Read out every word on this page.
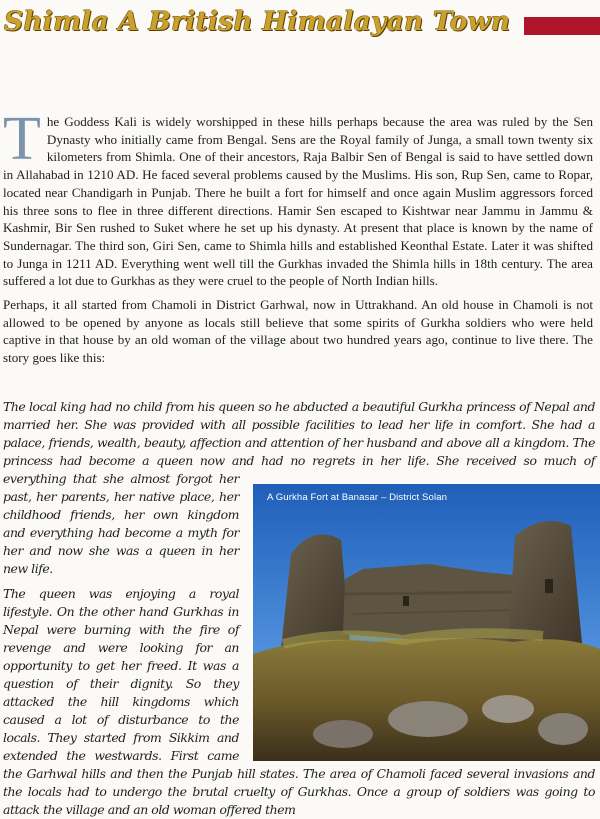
Shimla A British Himalayan Town

The Goddess Kali is widely worshipped in these hills perhaps because the area was ruled by the Sen Dynasty who initially came from Bengal. Sens are the Royal family of Junga, a small town twenty six kilometers from Shimla. One of their ancestors, Raja Balbir Sen of Bengal is said to have settled down in Allahabad in 1210 AD. He faced several problems caused by the Muslims. His son, Rup Sen, came to Ropar, located near Chandigarh in Punjab. There he built a fort for himself and once again Muslim aggressors forced his three sons to flee in three different directions. Hamir Sen escaped to Kishtwar near Jammu in Jammu & Kashmir, Bir Sen rushed to Suket where he set up his dynasty. At present that place is known by the name of Sundernagar. The third son, Giri Sen, came to Shimla hills and established Keonthal Estate. Later it was shifted to Junga in 1211 AD. Everything went well till the Gurkhas invaded the Shimla hills in 18th century. The area suffered a lot due to Gurkhas as they were cruel to the people of North Indian hills.

Perhaps, it all started from Chamoli in District Garhwal, now in Uttrakhand. An old house in Chamoli is not allowed to be opened by anyone as locals still believe that some spirits of Gurkha soldiers who were held captive in that house by an old woman of the village about two hundred years ago, continue to live there. The story goes like this:

The local king had no child from his queen so he abducted a beautiful Gurkha princess of Nepal and married her. She was provided with all possible facilities to lead her life in comfort. She had a palace, friends, wealth, beauty, affection and attention of her husband and above all a kingdom. The princess had become a queen now and had no regrets in her life. She received so much of everything that she almost forgot her past, her parents, her native place, her childhood friends, her own kingdom and everything had become a myth for her and now she was a queen in her new life.

The queen was enjoying a royal lifestyle. On the other hand Gurkhas in Nepal were burning with the fire of revenge and were looking for an opportunity to get her freed. It was a question of their dignity. So they attacked the hill kingdoms which caused a lot of disturbance to the locals. They started from Sikkim and extended the westwards. First came the Garhwal hills and then the Punjab hill states. The area of Chamoli faced several invasions and the locals had to undergo the brutal cruelty of Gurkhas. Once a group of soldiers was going to attack the village and an old woman offered them

A Gurkha Fort at Banasar – District Solan
